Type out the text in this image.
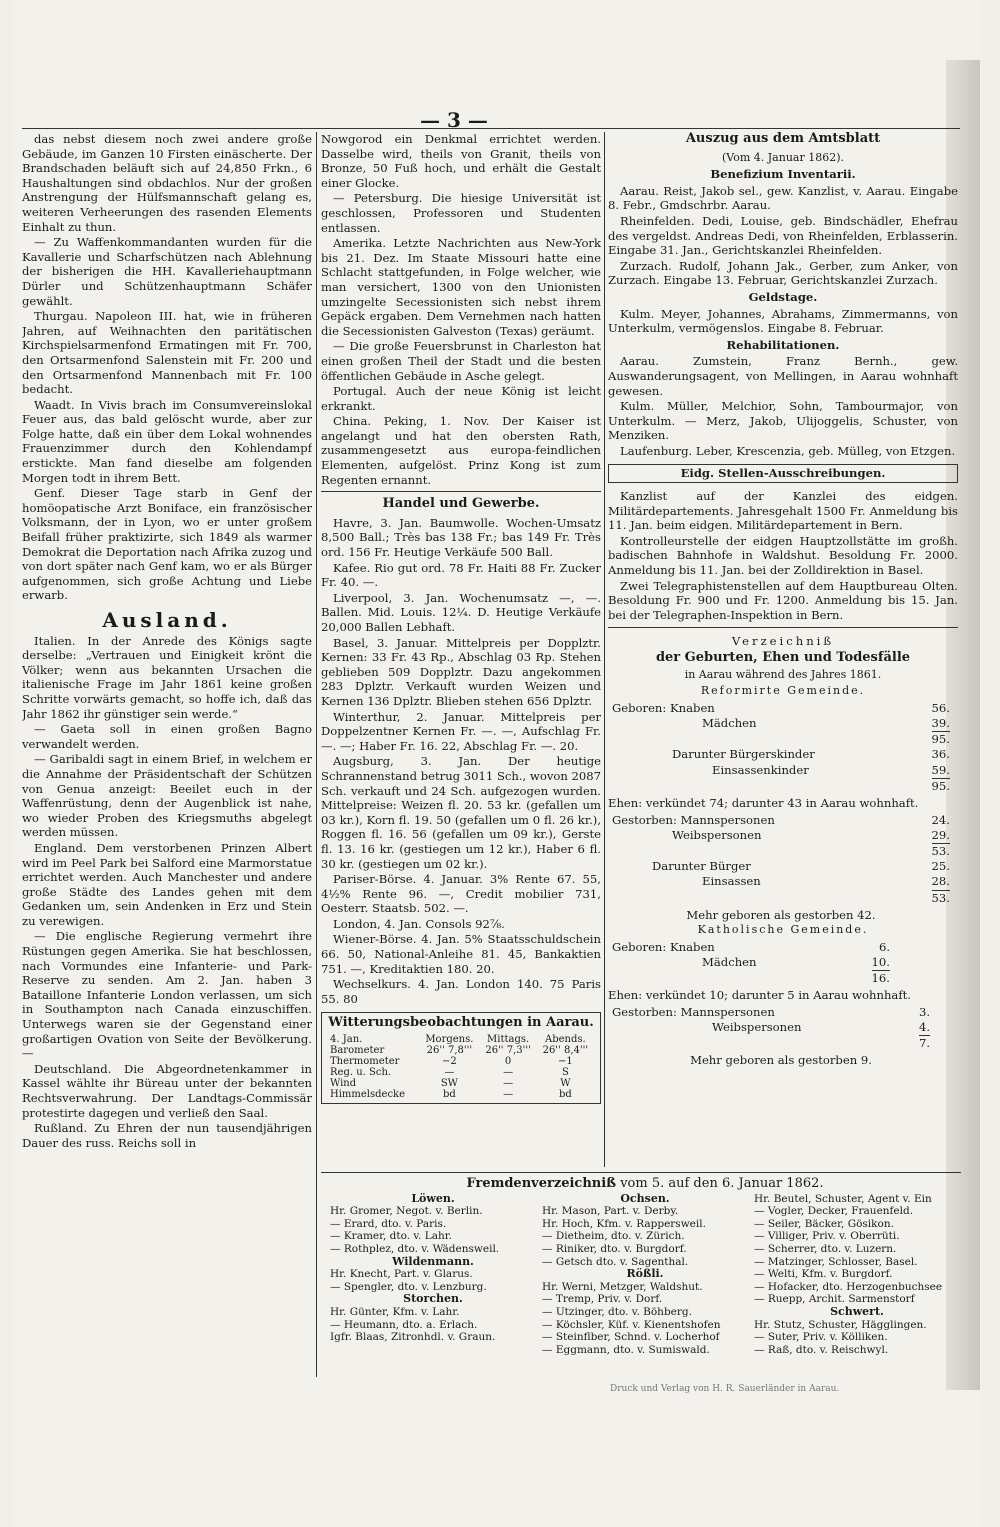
— 3 —

das nebst diesem noch zwei andere große Gebäude, im Ganzen 10 Firsten einäscherte. Der Brandschaden beläuft sich auf 24,850 Frkn., 6 Haushaltungen sind obdachlos. Nur der großen Anstrengung der Hülfsmannschaft gelang es, weiteren Verheerungen des rasenden Elements Einhalt zu thun.

— Zu Waffenkommandanten wurden für die Kavallerie und Scharfschützen nach Ablehnung der bisherigen die HH. Kavalleriehauptmann Dürler und Schützenhauptmann Schäfer gewählt.

Thurgau. Napoleon III. hat, wie in früheren Jahren, auf Weihnachten den paritätischen Kirchspielsarmenfond Ermatingen mit Fr. 700, den Ortsarmenfond Salenstein mit Fr. 200 und den Ortsarmenfond Mannenbach mit Fr. 100 bedacht.

Waadt. In Vivis brach im Consumvereinslokal Feuer aus, das bald gelöscht wurde, aber zur Folge hatte, daß ein über dem Lokal wohnendes Frauenzimmer durch den Kohlendampf erstickte. Man fand dieselbe am folgenden Morgen todt in ihrem Bett.

Genf. Dieser Tage starb in Genf der homöopatische Arzt Boniface, ein französischer Volksmann, der in Lyon, wo er unter großem Beifall früher praktizirte, sich 1849 als warmer Demokrat die Deportation nach Afrika zuzog und von dort später nach Genf kam, wo er als Bürger aufgenommen, sich große Achtung und Liebe erwarb.

Ausland.

Italien. In der Anrede des Königs sagte derselbe: „Vertrauen und Einigkeit krönt die Völker; wenn aus bekannten Ursachen die italienische Frage im Jahr 1861 keine großen Schritte vorwärts gemacht, so hoffe ich, daß das Jahr 1862 ihr günstiger sein werde.“

— Gaeta soll in einen großen Bagno verwandelt werden.

— Garibaldi sagt in einem Brief, in welchem er die Annahme der Präsidentschaft der Schützen von Genua anzeigt: Beeilet euch in der Waffenrüstung, denn der Augenblick ist nahe, wo wieder Proben des Kriegsmuths abgelegt werden müssen.

England. Dem verstorbenen Prinzen Albert wird im Peel Park bei Salford eine Marmorstatue errichtet werden. Auch Manchester und andere große Städte des Landes gehen mit dem Gedanken um, sein Andenken in Erz und Stein zu verewigen.

— Die englische Regierung vermehrt ihre Rüstungen gegen Amerika. Sie hat beschlossen, nach Vormundes eine Infanterie- und Park-Reserve zu senden. Am 2. Jan. haben 3 Bataillone Infanterie London verlassen, um sich in Southampton nach Canada einzuschiffen. Unterwegs waren sie der Gegenstand einer großartigen Ovation von Seite der Bevölkerung. —

Deutschland. Die Abgeordnetenkammer in Kassel wählte ihr Büreau unter der bekannten Rechtsverwahrung. Der Landtags-Commissär protestirte dagegen und verließ den Saal.

Rußland. Zu Ehren der nun tausendjährigen Dauer des russ. Reichs soll in

Nowgorod ein Denkmal errichtet werden. Dasselbe wird, theils von Granit, theils von Bronze, 50 Fuß hoch, und erhält die Gestalt einer Glocke.

— Petersburg. Die hiesige Universität ist geschlossen, Professoren und Studenten entlassen.

Amerika. Letzte Nachrichten aus New-York bis 21. Dez. Im Staate Missouri hatte eine Schlacht stattgefunden, in Folge welcher, wie man versichert, 1300 von den Unionisten umzingelte Secessionisten sich nebst ihrem Gepäck ergaben. Dem Vernehmen nach hatten die Secessionisten Galveston (Texas) geräumt.

— Die große Feuersbrunst in Charleston hat einen großen Theil der Stadt und die besten öffentlichen Gebäude in Asche gelegt.

Portugal. Auch der neue König ist leicht erkrankt.

China. Peking, 1. Nov. Der Kaiser ist angelangt und hat den obersten Rath, zusammengesetzt aus europa-feindlichen Elementen, aufgelöst. Prinz Kong ist zum Regenten ernannt.

Handel und Gewerbe.

Havre, 3. Jan. Baumwolle. Wochen-Umsatz 8,500 Ball.; Très bas 138 Fr.; bas 149 Fr. Très ord. 156 Fr. Heutige Verkäufe 500 Ball.

Kafee. Rio gut ord. 78 Fr. Haiti 88 Fr. Zucker Fr. 40. —.

Liverpool, 3. Jan. Wochenumsatz —, —. Ballen. Mid. Louis. 12¼. D. Heutige Verkäufe 20,000 Ballen Lebhaft.

Basel, 3. Januar. Mittelpreis per Dopplztr. Kernen: 33 Fr. 43 Rp., Abschlag 03 Rp. Stehen geblieben 509 Dopplztr. Dazu angekommen 283 Dplztr. Verkauft wurden Weizen und Kernen 136 Dplztr. Blieben stehen 656 Dplztr.

Winterthur, 2. Januar. Mittelpreis per Doppelzentner Kernen Fr. —. —, Aufschlag Fr. —. —; Haber Fr. 16. 22, Abschlag Fr. —. 20.

Augsburg, 3. Jan. Der heutige Schrannenstand betrug 3011 Sch., wovon 2087 Sch. verkauft und 24 Sch. aufgezogen wurden. Mittelpreise: Weizen fl. 20. 53 kr. (gefallen um 03 kr.), Korn fl. 19. 50 (gefallen um 0 fl. 26 kr.), Roggen fl. 16. 56 (gefallen um 09 kr.), Gerste fl. 13. 16 kr. (gestiegen um 12 kr.), Haber 6 fl. 30 kr. (gestiegen um 02 kr.).

Pariser-Börse. 4. Januar. 3% Rente 67. 55, 4½% Rente 96. —, Credit mobilier 731, Oesterr. Staatsb. 502. —.

London, 4. Jan. Consols 92⅞.

Wiener-Börse. 4. Jan. 5% Staatsschuldschein 66. 50, National-Anleihe 81. 45, Bankaktien 751. —, Kreditaktien 180. 20.

Wechselkurs. 4. Jan. London 140. 75 Paris 55. 80

Witterungsbeobachtungen in Aarau.
4. Jan.	Morgens.	Mittags.	Abends.
Barometer	26'' 7,8'''	26'' 7,3'''	26'' 8,4'''
Thermometer	−2	0	−1
Reg. u. Sch.	—	—	S
Wind	SW	—	W
Himmelsdecke	bd	—	bd
Auszug aus dem Amtsblatt
(Vom 4. Januar 1862).
Benefizium Inventarii.

Aarau. Reist, Jakob sel., gew. Kanzlist, v. Aarau. Eingabe 8. Febr., Gmdschrbr. Aarau.

Rheinfelden. Dedi, Louise, geb. Bindschädler, Ehefrau des vergeldst. Andreas Dedi, von Rheinfelden, Erblasserin. Eingabe 31. Jan., Gerichtskanzlei Rheinfelden.

Zurzach. Rudolf, Johann Jak., Gerber, zum Anker, von Zurzach. Eingabe 13. Februar, Gerichtskanzlei Zurzach.

Geldstage.

Kulm. Meyer, Johannes, Abrahams, Zimmermanns, von Unterkulm, vermögenslos. Eingabe 8. Februar.

Rehabilitationen.

Aarau. Zumstein, Franz Bernh., gew. Auswanderungsagent, von Mellingen, in Aarau wohnhaft gewesen.

Kulm. Müller, Melchior, Sohn, Tambourmajor, von Unterkulm. — Merz, Jakob, Ulijoggelis, Schuster, von Menziken.

Laufenburg. Leber, Krescenzia, geb. Mülleg, von Etzgen.

Eidg. Stellen-Ausschreibungen.

Kanzlist auf der Kanzlei des eidgen. Militärdepartements. Jahresgehalt 1500 Fr. Anmeldung bis 11. Jan. beim eidgen. Militärdepartement in Bern.

Kontrolleurstelle der eidgen Hauptzollstätte im großh. badischen Bahnhofe in Waldshut. Besoldung Fr. 2000. Anmeldung bis 11. Jan. bei der Zolldirektion in Basel.

Zwei Telegraphistenstellen auf dem Hauptbureau Olten. Besoldung Fr. 900 und Fr. 1200. Anmeldung bis 15. Jan. bei der Telegraphen-Inspektion in Bern.

Verzeichniß
der Geburten, Ehen und Todesfälle
in Aarau während des Jahres 1861.
Reformirte Gemeinde.
Geboren: Knaben	56.
Mädchen	39.
95.
Darunter Bürgerskinder	36.
Einsassenkinder	59.
95.

Ehen: verkündet 74; darunter 43 in Aarau wohnhaft.

Gestorben: Mannspersonen	24.
Weibspersonen	29.
53.
Darunter Bürger	25.
Einsassen	28.
53.
Mehr geboren als gestorben 42.
Katholische Gemeinde.
Geboren: Knaben	6.
Mädchen	10.
16.

Ehen: verkündet 10; darunter 5 in Aarau wohnhaft.

Gestorben: Mannspersonen	3.
Weibspersonen	4.
7.
Mehr geboren als gestorben 9.
Fremdenverzeichniß vom 5. auf den 6. Januar 1862.
Löwen.
Hr. Gromer, Negot. v. Berlin.
— Erard, dto. v. Paris.
— Kramer, dto. v. Lahr.
— Rothplez, dto. v. Wädensweil.
Wildenmann.
Hr. Knecht, Part. v. Glarus.
— Spengler, dto. v. Lenzburg.
Storchen.
Hr. Günter, Kfm. v. Lahr.
— Heumann, dto. a. Erlach.
Igfr. Blaas, Zitronhdl. v. Graun.
Ochsen.
Hr. Mason, Part. v. Derby.
Hr. Hoch, Kfm. v. Rappersweil.
— Dietheim, dto. v. Zürich.
— Riniker, dto. v. Burgdorf.
— Getsch dto. v. Sagenthal.
Rößli.
Hr. Werni, Metzger, Waldshut.
— Tremp, Priv. v. Dorf.
— Utzinger, dto. v. Böhberg.
— Köchsler, Küf. v. Kienentshofen
— Steinflber, Schnd. v. Locherhof
— Eggmann, dto. v. Sumiswald.
Hr. Beutel, Schuster, Agent v. Ein
— Vogler, Decker, Frauenfeld.
— Seiler, Bäcker, Gösikon.
— Villiger, Priv. v. Oberrüti.
— Scherrer, dto. v. Luzern.
— Matzinger, Schlosser, Basel.
— Welti, Kfm. v. Burgdorf.
— Hofacker, dto. Herzogenbuchsee
— Ruepp, Archit. Sarmenstorf
Schwert.
Hr. Stutz, Schuster, Hägglingen.
— Suter, Priv. v. Kölliken.
— Raß, dto. v. Reischwyl.
Druck und Verlag von H. R. Sauerländer in Aarau.
